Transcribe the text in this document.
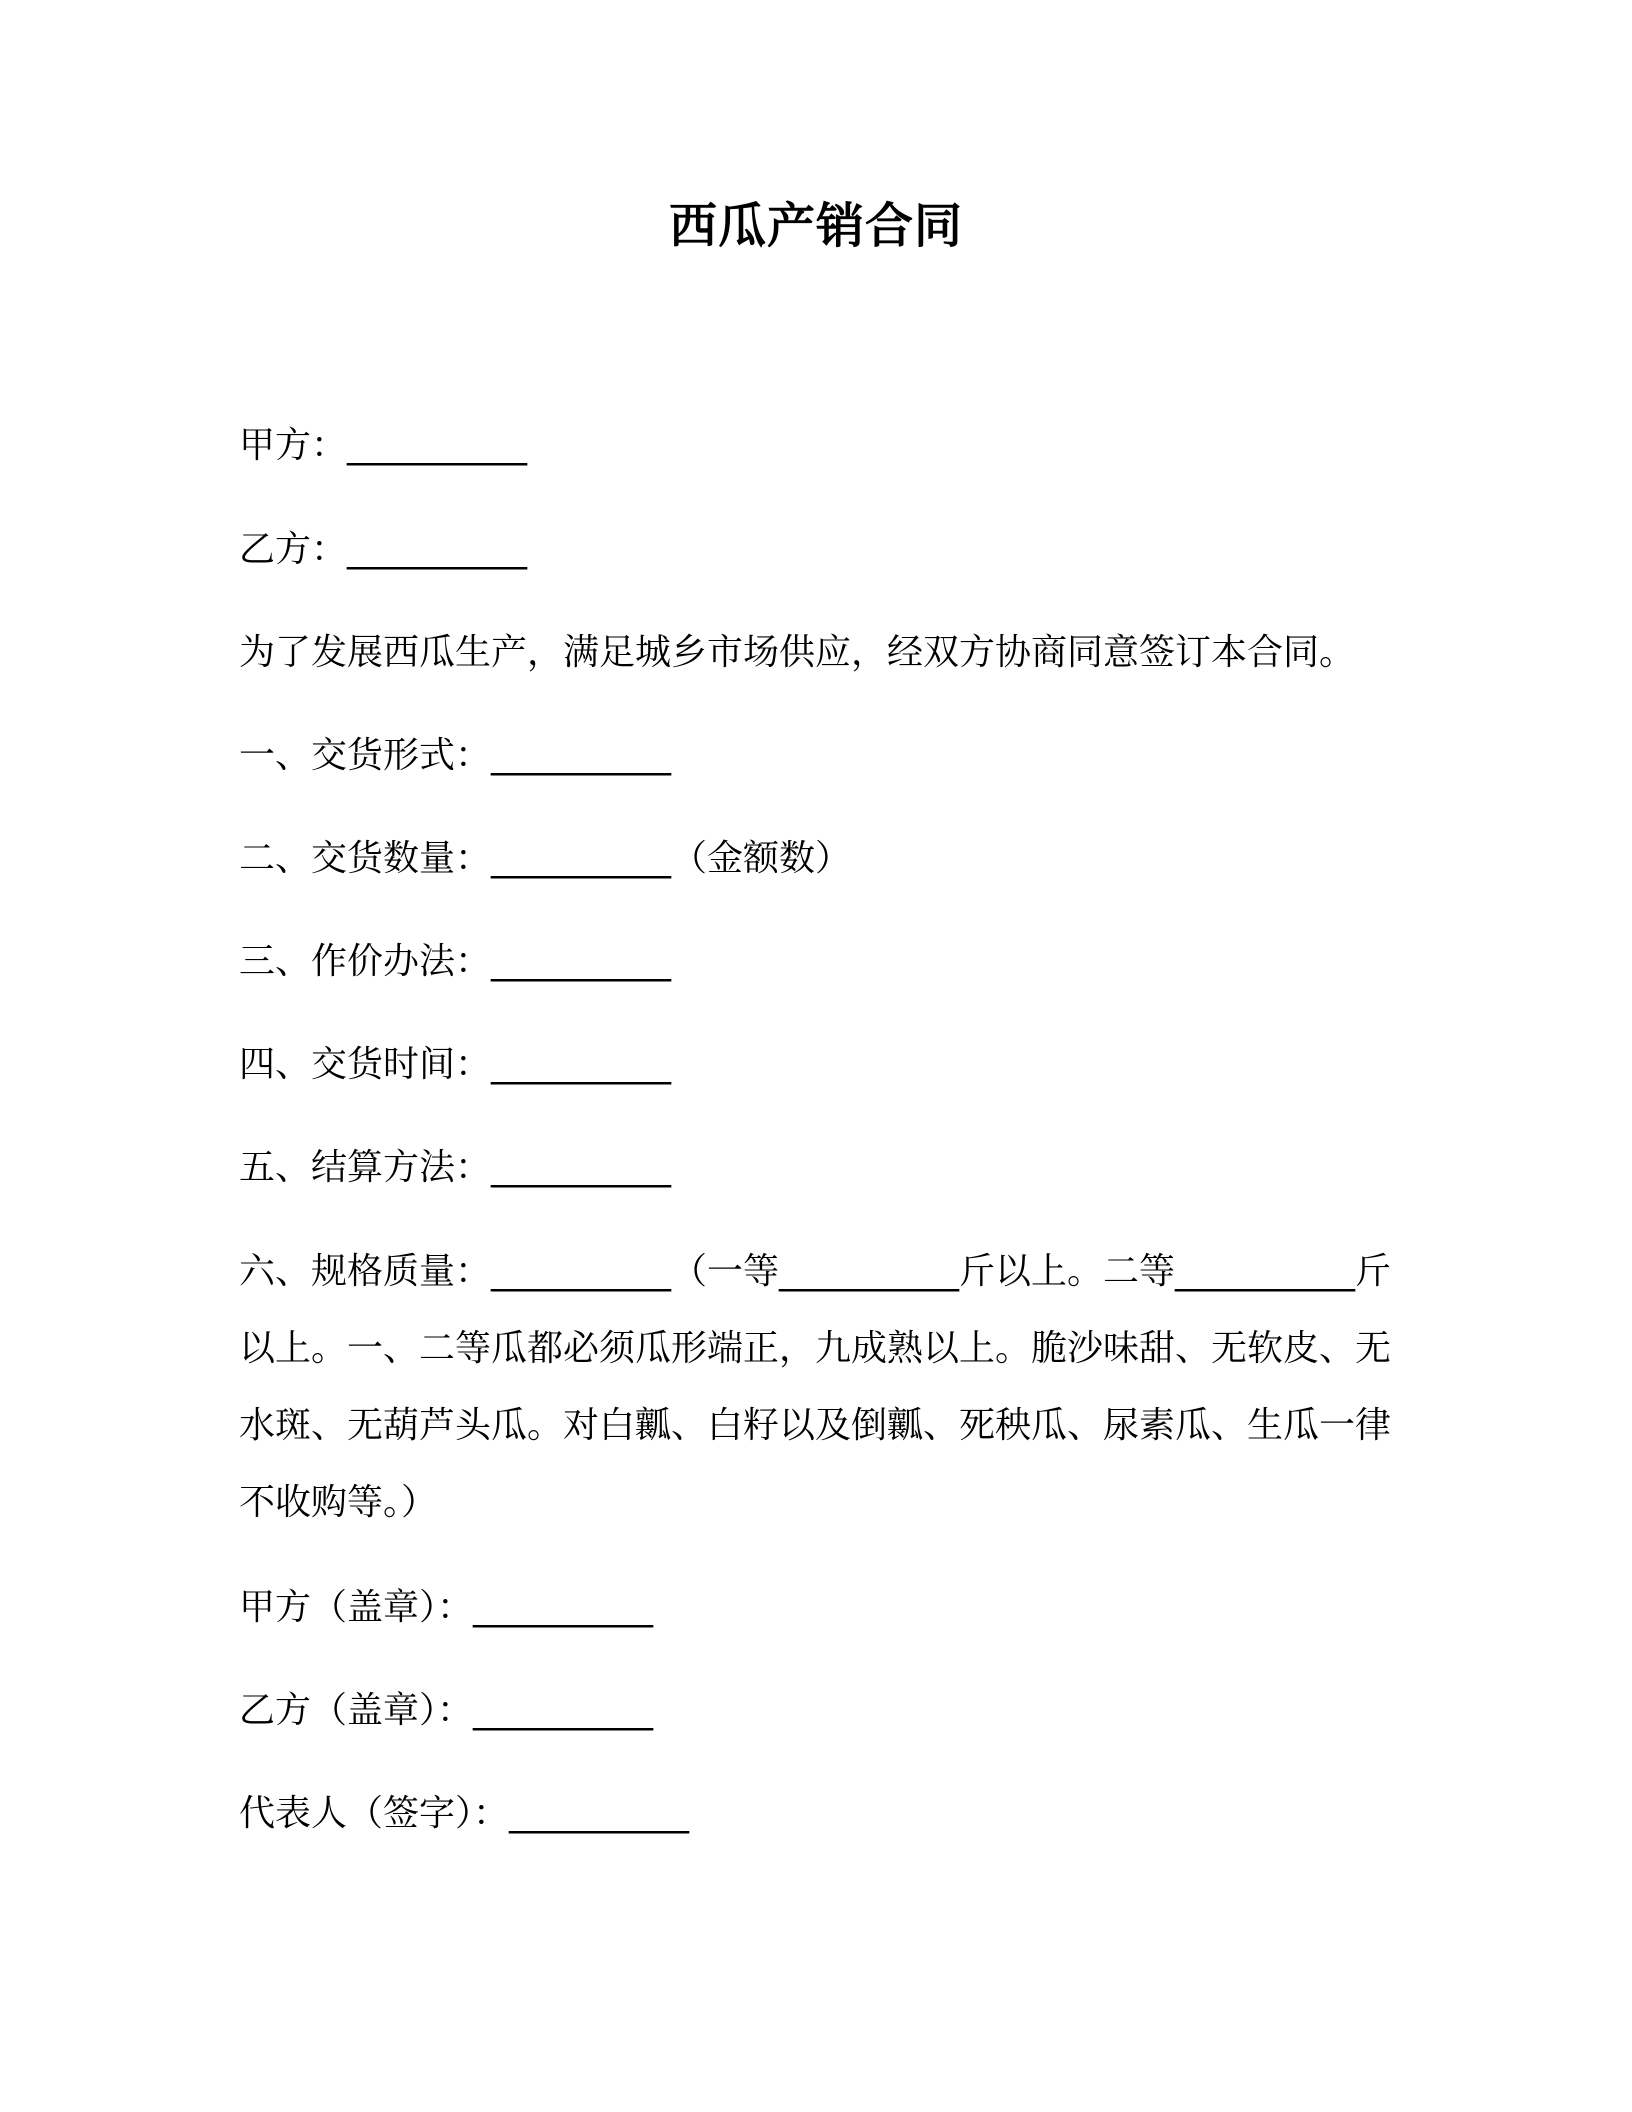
西瓜产销合同
甲方：__________
乙方：__________
为了发展西瓜生产，满足城乡市场供应，经双方协商同意签订本合同。
一、交货形式：__________
二、交货数量：__________（金额数）
三、作价办法：__________
四、交货时间：__________
五、结算方法：__________
六、规格质量：__________（一等__________斤以上。二等__________斤以上。一、二等瓜都必须瓜形端正，九成熟以上。脆沙味甜、无软皮、无水斑、无葫芦头瓜。对白瓤、白籽以及倒瓤、死秧瓜、尿素瓜、生瓜一律不收购等。）
甲方（盖章）：__________
乙方（盖章）：__________
代表人（签字）：__________
